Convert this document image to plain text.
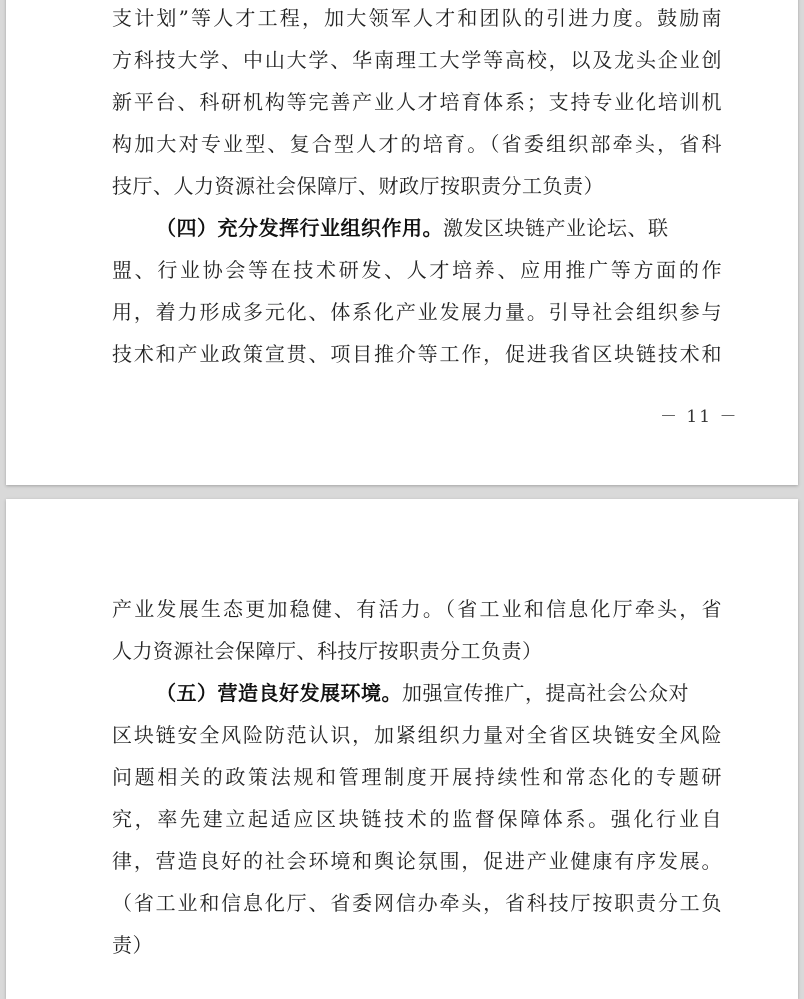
支计划”等人才工程，加大领军人才和团队的引进力度。鼓励南
方科技大学、中山大学、华南理工大学等高校，以及龙头企业创
新平台、科研机构等完善产业人才培育体系；支持专业化培训机
构加大对专业型、复合型人才的培育。（省委组织部牵头，省科
技厅、人力资源社会保障厅、财政厅按职责分工负责）
（四）充分发挥行业组织作用。激发区块链产业论坛、联
盟、行业协会等在技术研发、人才培养、应用推广等方面的作
用，着力形成多元化、体系化产业发展力量。引导社会组织参与
技术和产业政策宣贯、项目推介等工作，促进我省区块链技术和
－ 11 －
产业发展生态更加稳健、有活力。（省工业和信息化厅牵头，省
人力资源社会保障厅、科技厅按职责分工负责）
（五）营造良好发展环境。加强宣传推广，提高社会公众对
区块链安全风险防范认识，加紧组织力量对全省区块链安全风险
问题相关的政策法规和管理制度开展持续性和常态化的专题研
究，率先建立起适应区块链技术的监督保障体系。强化行业自
律，营造良好的社会环境和舆论氛围，促进产业健康有序发展。
（省工业和信息化厅、省委网信办牵头，省科技厅按职责分工负
责）
